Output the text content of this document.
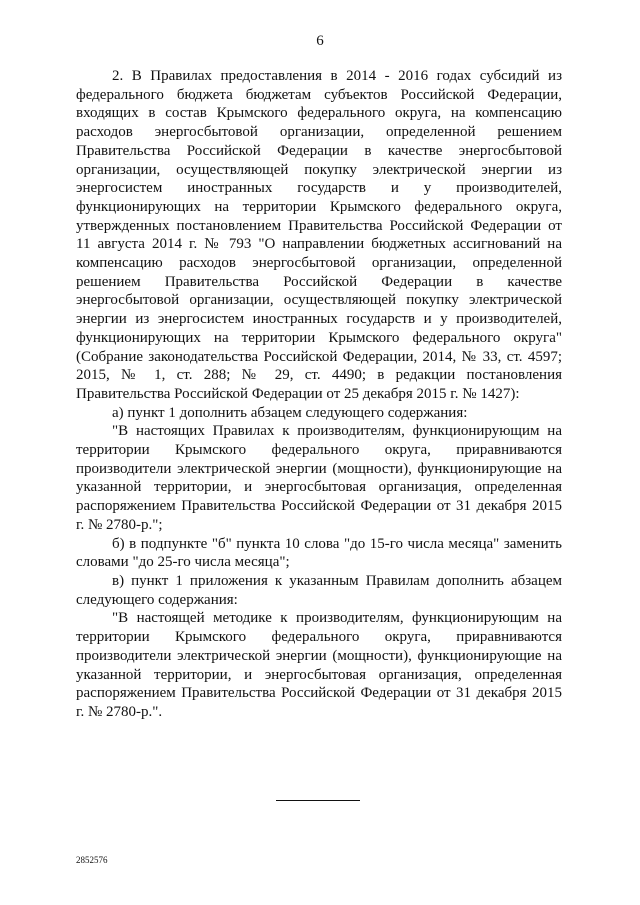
6

2. В Правилах предоставления в 2014 - 2016 годах субсидий из федерального бюджета бюджетам субъектов Российской Федерации, входящих в состав Крымского федерального округа, на компенсацию расходов энергосбытовой организации, определенной решением Правительства Российской Федерации в качестве энергосбытовой организации, осуществляющей покупку электрической энергии из энергосистем иностранных государств и у производителей, функционирующих на территории Крымского федерального округа, утвержденных постановлением Правительства Российской Федерации от 11 августа 2014 г. № 793 "О направлении бюджетных ассигнований на компенсацию расходов энергосбытовой организации, определенной решением Правительства Российской Федерации в качестве энергосбытовой организации, осуществляющей покупку электрической энергии из энергосистем иностранных государств и у производителей, функционирующих на территории Крымского федерального округа" (Собрание законодательства Российской Федерации, 2014, № 33, ст. 4597; 2015, № 1, ст. 288; № 29, ст. 4490; в редакции постановления Правительства Российской Федерации от 25 декабря 2015 г. № 1427):

а) пункт 1 дополнить абзацем следующего содержания:

"В настоящих Правилах к производителям, функционирующим на территории Крымского федерального округа, приравниваются производители электрической энергии (мощности), функционирующие на указанной территории, и энергосбытовая организация, определенная распоряжением Правительства Российской Федерации от 31 декабря 2015 г. № 2780-р.";

б) в подпункте "б" пункта 10 слова "до 15-го числа месяца" заменить словами "до 25-го числа месяца";

в) пункт 1 приложения к указанным Правилам дополнить абзацем следующего содержания:

"В настоящей методике к производителям, функционирующим на территории Крымского федерального округа, приравниваются производители электрической энергии (мощности), функционирующие на указанной территории, и энергосбытовая организация, определенная распоряжением Правительства Российской Федерации от 31 декабря 2015 г. № 2780-р.".

2852576
